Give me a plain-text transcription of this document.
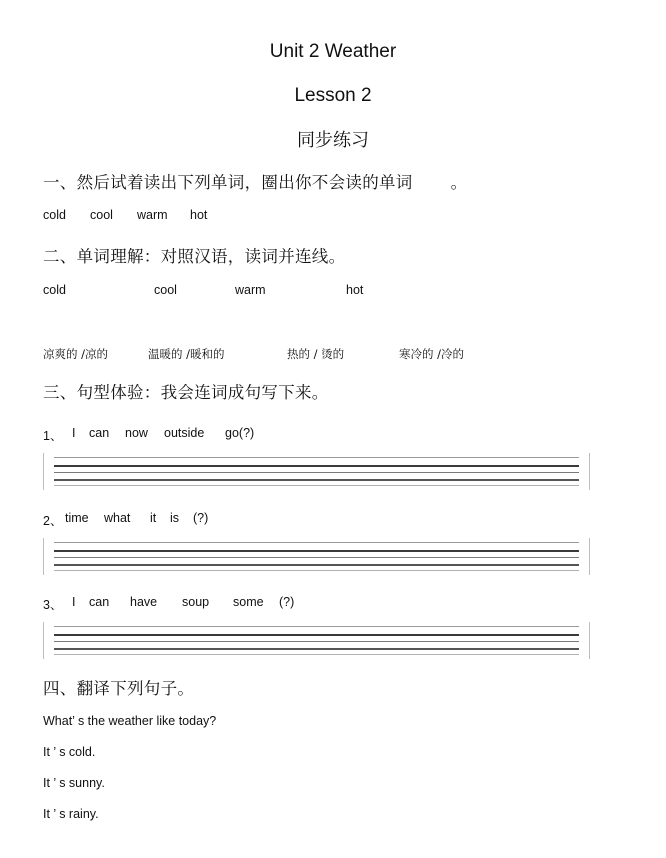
Unit 2 Weather
Lesson 2
同步练习
一、然后试着读出下列单词，圈出你不会读的单词 。
cold cool warm hot
二、单词理解：对照汉语，读词并连线。
cold	cool	warm	hot
凉爽的 /凉的	温暖的 /暖和的	热的 / 烫的	寒冷的 /冷的
三、句型体验：我会连词成句写下来。
1、 I can now outside go(?)
2、 time what it is (?)
3、 I can have soup some (?)
四、翻译下列句子。
What’ s the weather like today?
It ’ s cold.
It ’ s sunny.
It ’ s rainy.
